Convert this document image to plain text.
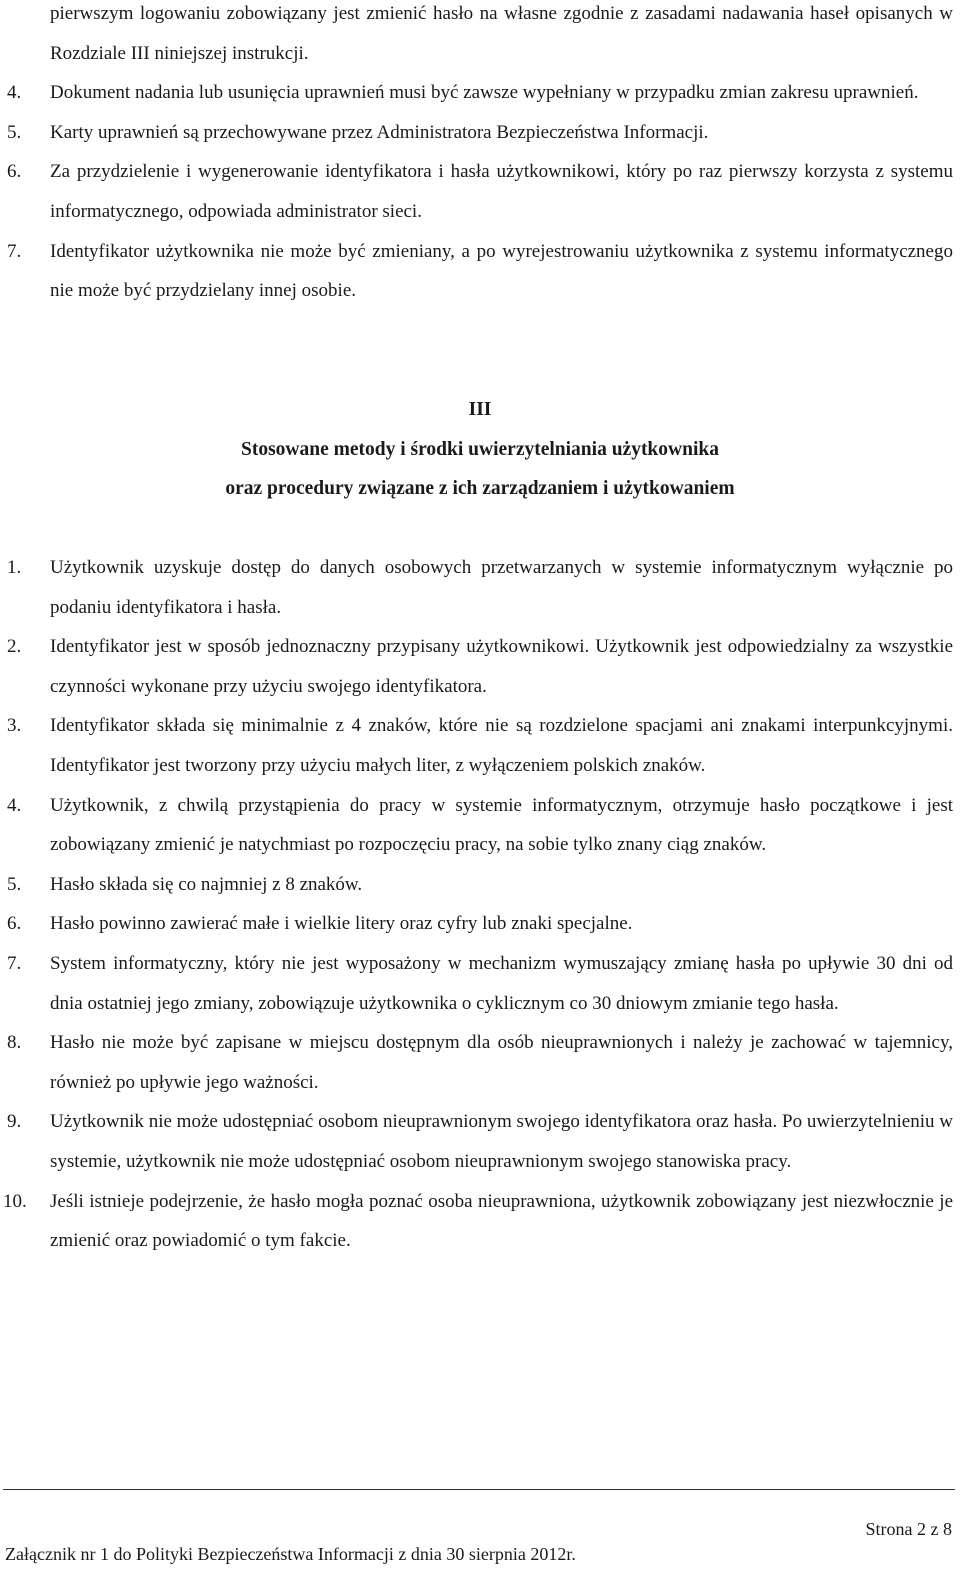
pierwszym logowaniu zobowiązany jest zmienić hasło na własne zgodnie z zasadami nadawania haseł opisanych w Rozdziale III niniejszej instrukcji.
4.	Dokument nadania lub usunięcia uprawnień musi być zawsze wypełniany w przypadku zmian zakresu uprawnień.
5.	Karty uprawnień są przechowywane przez Administratora Bezpieczeństwa Informacji.
6.	Za przydzielenie i wygenerowanie identyfikatora i hasła użytkownikowi, który po raz pierwszy korzysta z systemu informatycznego, odpowiada administrator sieci.
7.	Identyfikator użytkownika nie może być zmieniany, a po wyrejestrowaniu użytkownika z systemu informatycznego nie może być przydzielany innej osobie.
III
Stosowane metody i środki uwierzytelniania użytkownika
oraz procedury związane z ich zarządzaniem i użytkowaniem
1.	Użytkownik uzyskuje dostęp do danych osobowych przetwarzanych w systemie informatycznym wyłącznie po podaniu identyfikatora i hasła.
2.	Identyfikator jest w sposób jednoznaczny przypisany użytkownikowi. Użytkownik jest odpowiedzialny za wszystkie czynności wykonane przy użyciu swojego identyfikatora.
3.	Identyfikator składa się minimalnie z 4 znaków, które nie są rozdzielone spacjami ani znakami interpunkcyjnymi. Identyfikator jest tworzony przy użyciu małych liter, z wyłączeniem polskich znaków.
4.	Użytkownik, z chwilą przystąpienia do pracy w systemie informatycznym, otrzymuje hasło początkowe i jest zobowiązany zmienić je natychmiast po rozpoczęciu pracy, na sobie tylko znany ciąg znaków.
5.	Hasło składa się co najmniej z 8 znaków.
6.	Hasło powinno zawierać małe i wielkie litery oraz cyfry lub znaki specjalne.
7.	System informatyczny, który nie jest wyposażony w mechanizm wymuszający zmianę hasła po upływie 30 dni od dnia ostatniej jego zmiany, zobowiązuje użytkownika o cyklicznym co 30 dniowym zmianie tego hasła.
8.	Hasło nie może być zapisane w miejscu dostępnym dla osób nieuprawnionych i należy je zachować w tajemnicy, również po upływie jego ważności.
9.	Użytkownik nie może udostępniać osobom nieuprawnionym swojego identyfikatora oraz hasła. Po uwierzytelnieniu w systemie, użytkownik nie może udostępniać osobom nieuprawnionym swojego stanowiska pracy.
10.	Jeśli istnieje podejrzenie, że hasło mogła poznać osoba nieuprawniona, użytkownik zobowiązany jest niezwłocznie je zmienić oraz powiadomić o tym fakcie.
Strona 2 z 8
Załącznik nr 1 do Polityki Bezpieczeństwa Informacji z dnia 30 sierpnia 2012r.
